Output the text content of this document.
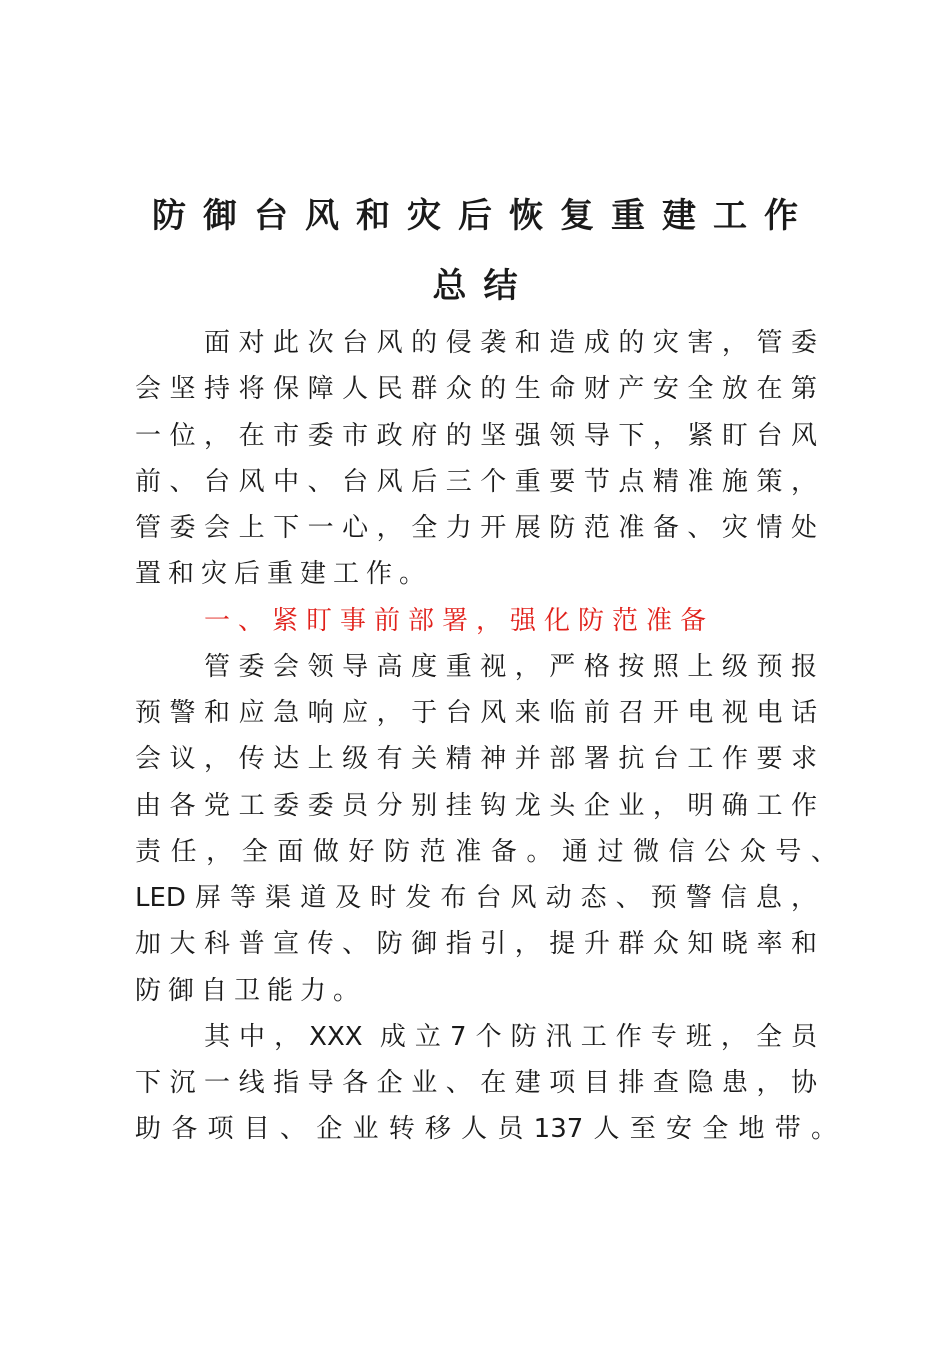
防御台风和灾后恢复重建工作
总结
面对此次台风的侵袭和造成的灾害，管委
会坚持将保障人民群众的生命财产安全放在第
一位，在市委市政府的坚强领导下，紧盯台风
前、台风中、台风后三个重要节点精准施策，
管委会上下一心，全力开展防范准备、灾情处
置和灾后重建工作。
一、紧盯事前部署，强化防范准备
管委会领导高度重视，严格按照上级预报
预警和应急响应，于台风来临前召开电视电话
会议，传达上级有关精神并部署抗台工作要求
由各党工委委员分别挂钩龙头企业，明确工作
责任，全面做好防范准备。通过微信公众号、
LED屏等渠道及时发布台风动态、预警信息，
加大科普宣传、防御指引，提升群众知晓率和
防御自卫能力。
其中，XXX 成立7个防汛工作专班，全员
下沉一线指导各企业、在建项目排查隐患，协
助各项目、企业转移人员137人至安全地带。
